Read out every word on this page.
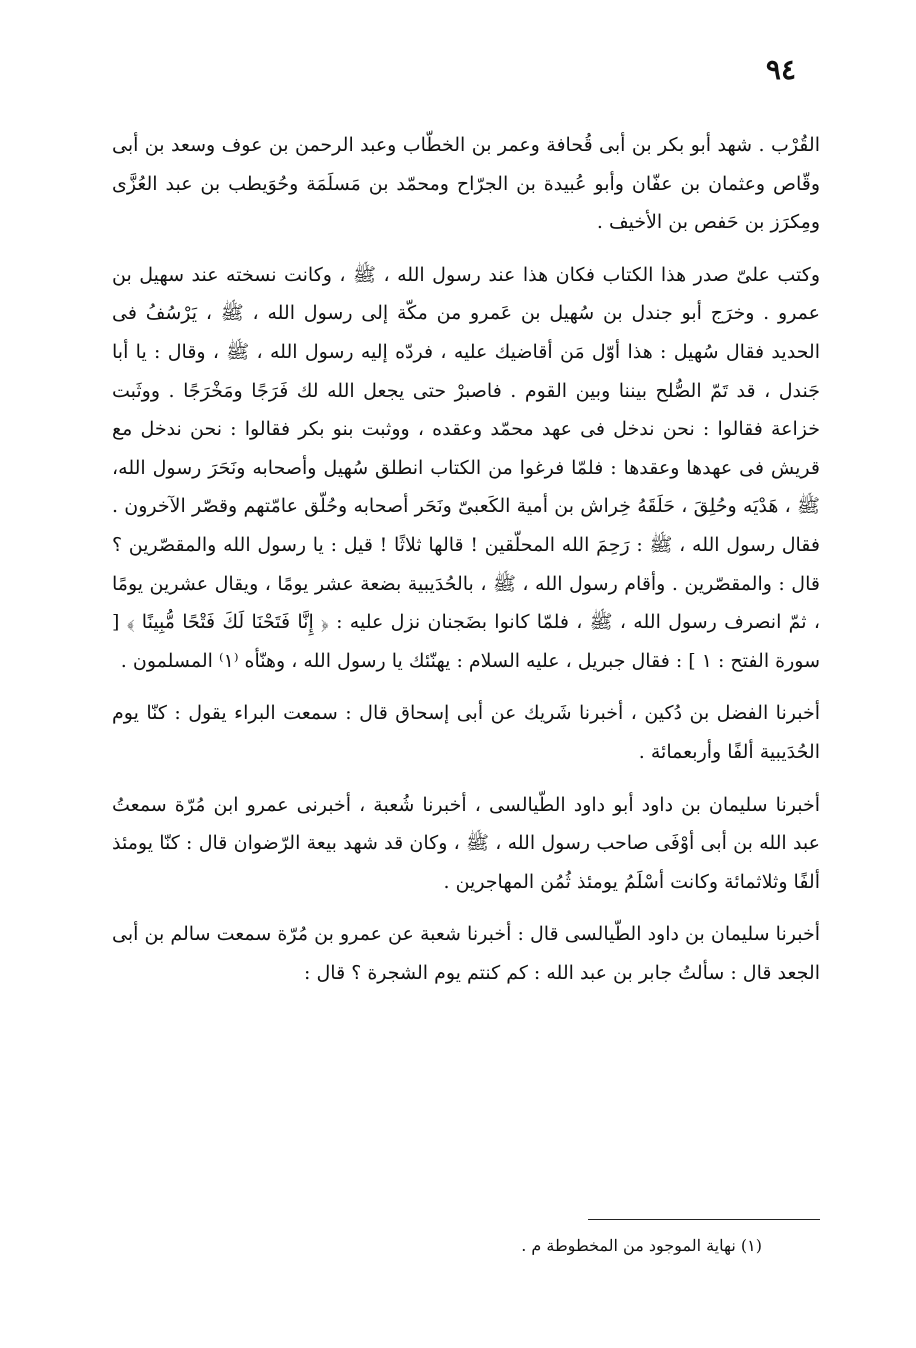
٩٤

القُرْب . شهد أبو بكر بن أبى قُحافة وعمر بن الخطّاب وعبد الرحمن بن عوف وسعد بن أبى وقّاص وعثمان بن عفّان وأبو عُبيدة بن الجرّاح ومحمّد بن مَسلَمَة وحُوَيطب بن عبد العُزَّى ومِكرَز بن حَفص بن الأخيف .

وكتب علىّ صدر هذا الكتاب فكان هذا عند رسول الله ، ﷺ ، وكانت نسخته عند سهيل بن عمرو . وخرَج أبو جندل بن سُهيل بن عَمرو من مكّة إلى رسول الله ، ﷺ ، يَرْسُفُ فى الحديد فقال سُهيل : هذا أوّل مَن أقاضيك عليه ، فردّه إليه رسول الله ، ﷺ ، وقال : يا أبا جَندل ، قد تَمّ الصُّلح بيننا وبين القوم . فاصبرْ حتى يجعل الله لك فَرَجًا ومَخْرَجًا . ووثَبت خزاعة فقالوا : نحن ندخل فى عهد محمّد وعقده ، ووثبت بنو بكر فقالوا : نحن ندخل مع قريش فى عهدها وعقدها : فلمّا فرغوا من الكتاب انطلق سُهيل وأصحابه ونَحَرَ رسول الله، ﷺ ، هَدْيَه وحُلِقَ ، حَلَقَهُ خِراش بن أمية الكَعبىّ ونَحَر أصحابه وحُلّق عامّتهم وقصّر الآخرون . فقال رسول الله ، ﷺ : رَحِمَ الله المحلّقين ! قالها ثلاثًا ! قيل : يا رسول الله والمقصّرين ؟ قال : والمقصّرين . وأقام رسول الله ، ﷺ ، بالحُدَيبية بضعة عشر يومًا ، ويقال عشرين يومًا ، ثمّ انصرف رسول الله ، ﷺ ، فلمّا كانوا بضَجنان نزل عليه : ﴿ إِنَّا فَتَحْنَا لَكَ فَتْحًا مُّبِينًا ﴾ [ سورة الفتح : ١ ] : فقال جبريل ، عليه السلام : يهنّئك يا رسول الله ، وهنّأه ⁽١⁾ المسلمون .

أخبرنا الفضل بن دُكين ، أخبرنا شَريك عن أبى إسحاق قال : سمعت البراء يقول : كنّا يوم الحُدَيبية ألفًا وأربعمائة .

أخبرنا سليمان بن داود أبو داود الطّيالسى ، أخبرنا شُعبة ، أخبرنى عمرو ابن مُرّة سمعتُ عبد الله بن أبى أوْفَى صاحب رسول الله ، ﷺ ، وكان قد شهد بيعة الرّضوان قال : كنّا يومئذ ألفًا وثلاثمائة وكانت أسْلَمُ يومئذ ثُمُن المهاجرين .

أخبرنا سليمان بن داود الطّيالسى قال : أخبرنا شعبة عن عمرو بن مُرّة سمعت سالم بن أبى الجعد قال : سألتُ جابر بن عبد الله : كم كنتم يوم الشجرة ؟ قال :

(١) نهاية الموجود من المخطوطة م .
